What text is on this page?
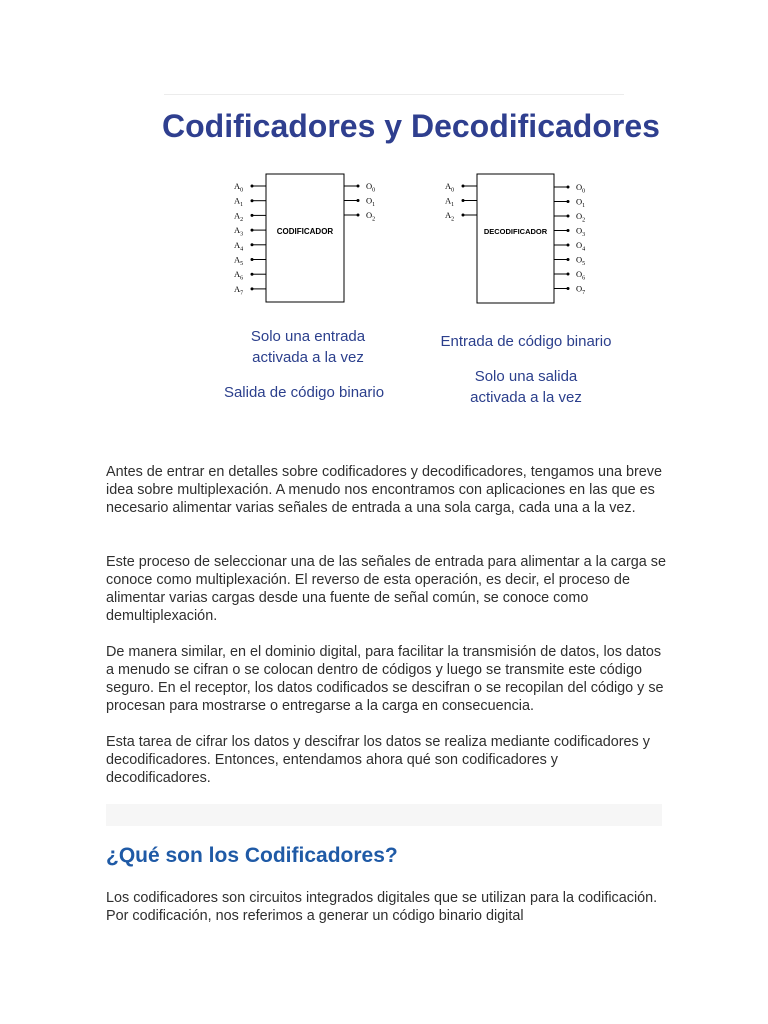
Codificadores y Decodificadores
CODIFICADOR
$A_0$
$A_1$
$A_2$
$A_3$
$A_4$
$A_5$
$A_6$
$A_7$
$O_0$
$O_1$
$O_2$
DECODIFICADOR
$A_0$
$A_1$
$A_2$
$O_0$
$O_1$
$O_2$
$O_3$
$O_4$
$O_5$
$O_6$
$O_7$
Solo una entrada
activada a la vez
Salida de código binario
Entrada de código binario
Solo una salida
activada a la vez

Antes de entrar en detalles sobre codificadores y decodificadores, tengamos una breve idea sobre multiplexación. A menudo nos encontramos con aplicaciones en las que es necesario alimentar varias señales de entrada a una sola carga, cada una a la vez.

Este proceso de seleccionar una de las señales de entrada para alimentar a la carga se conoce como multiplexación. El reverso de esta operación, es decir, el proceso de alimentar varias cargas desde una fuente de señal común, se conoce como demultiplexación.

De manera similar, en el dominio digital, para facilitar la transmisión de datos, los datos a menudo se cifran o se colocan dentro de códigos y luego se transmite este código seguro. En el receptor, los datos codificados se descifran o se recopilan del código y se procesan para mostrarse o entregarse a la carga en consecuencia.

Esta tarea de cifrar los datos y descifrar los datos se realiza mediante codificadores y decodificadores. Entonces, entendamos ahora qué son codificadores y decodificadores.

¿Qué son los Codificadores?

Los codificadores son circuitos integrados digitales que se utilizan para la codificación. Por codificación, nos referimos a generar un código binario digital
